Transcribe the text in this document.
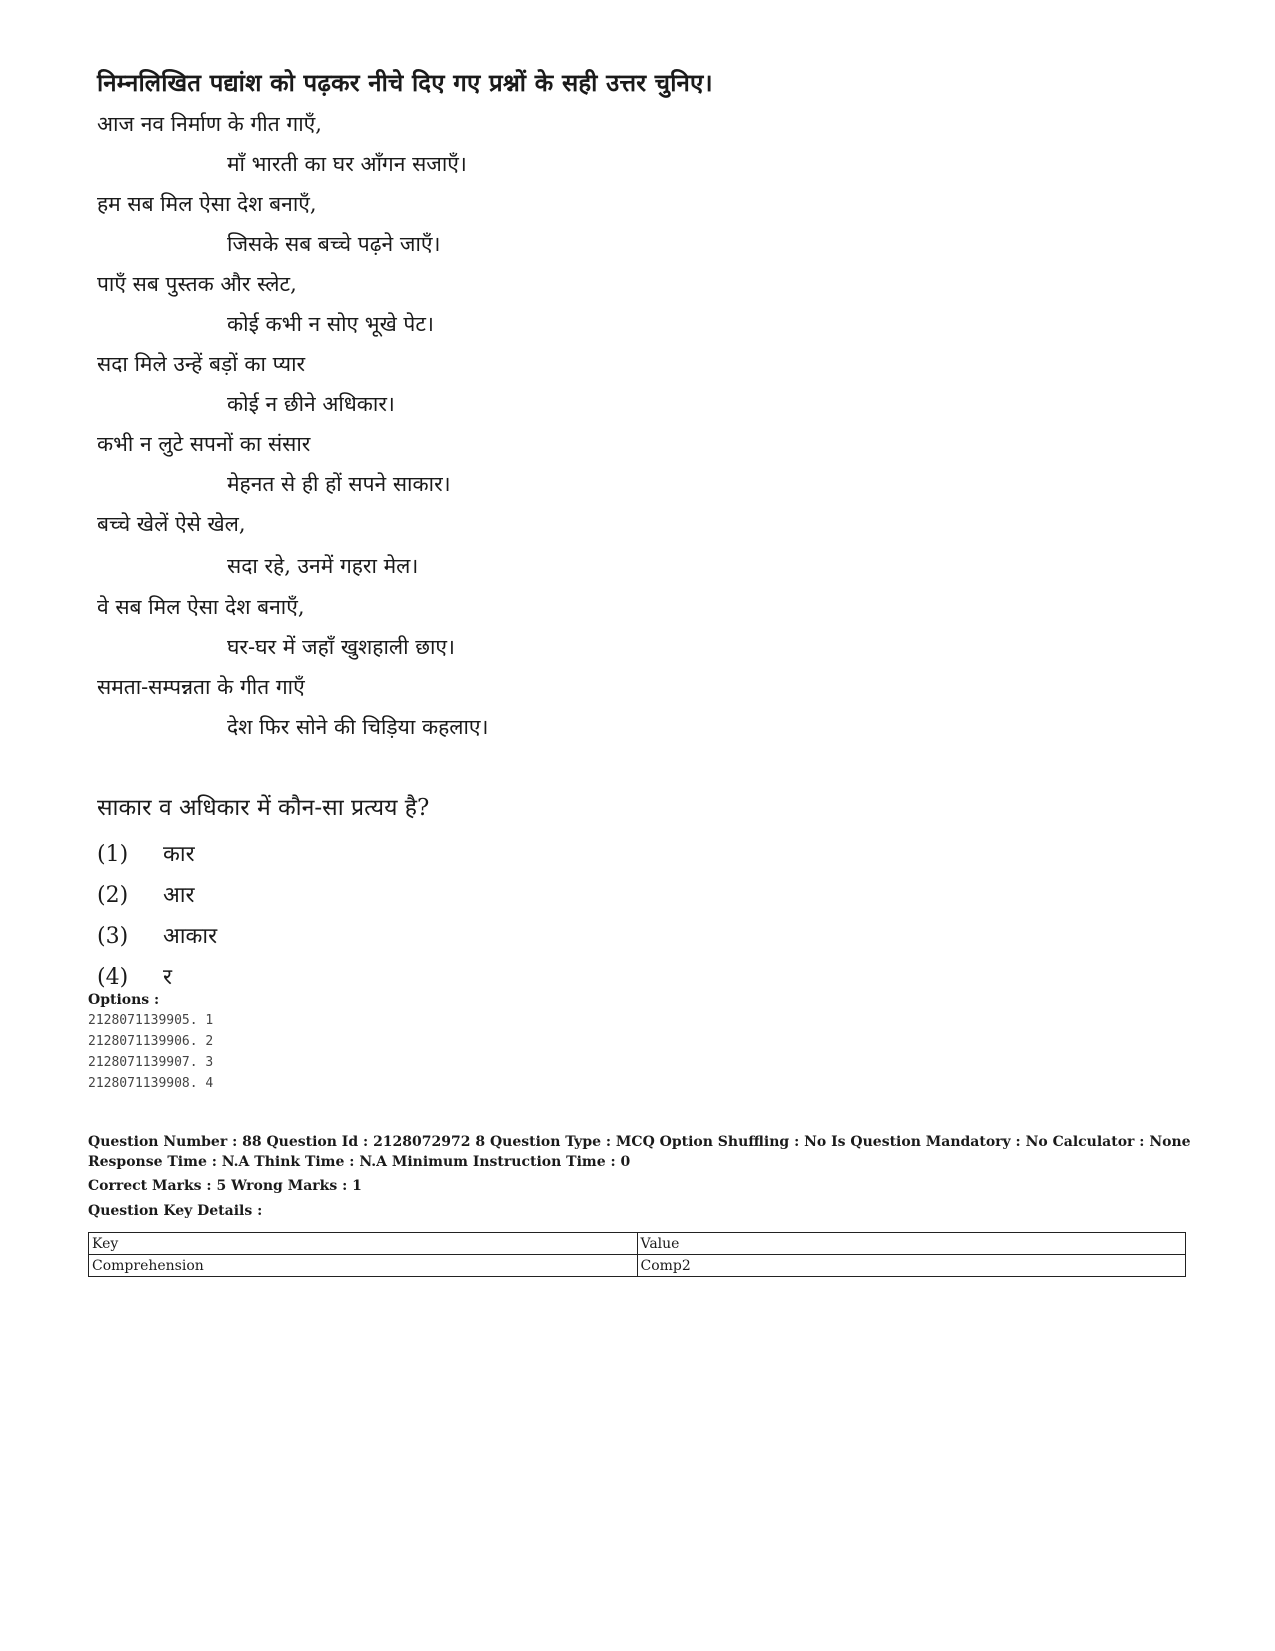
निम्नलिखित पद्यांश को पढ़कर नीचे दिए गए प्रश्नों के सही उत्तर चुनिए।
आज नव निर्माण के गीत गाएँ,
माँ भारती का घर आँगन सजाएँ।
हम सब मिल ऐसा देश बनाएँ,
जिसके सब बच्चे पढ़ने जाएँ।
पाएँ सब पुस्तक और स्लेट,
कोई कभी न सोए भूखे पेट।
सदा मिले उन्हें बड़ों का प्यार
कोई न छीने अधिकार।
कभी न लुटे सपनों का संसार
मेहनत से ही हों सपने साकार।
बच्चे खेलें ऐसे खेल,
सदा रहे, उनमें गहरा मेल।
वे सब मिल ऐसा देश बनाएँ,
घर-घर में जहाँ खुशहाली छाए।
समता-सम्पन्नता के गीत गाएँ
देश फिर सोने की चिड़िया कहलाए।
साकार व अधिकार में कौन-सा प्रत्यय है?
(1) कार
(2) आर
(3) आकार
(4) र
Options :
2128071139905. 1
2128071139906. 2
2128071139907. 3
2128071139908. 4
Question Number : 88 Question Id : 2128072972 8 Question Type : MCQ Option Shuffling : No Is Question Mandatory : No Calculator : None
Response Time : N.A Think Time : N.A Minimum Instruction Time : 0
Correct Marks : 5 Wrong Marks : 1
Question Key Details :
Key	Value
Comprehension	Comp2
